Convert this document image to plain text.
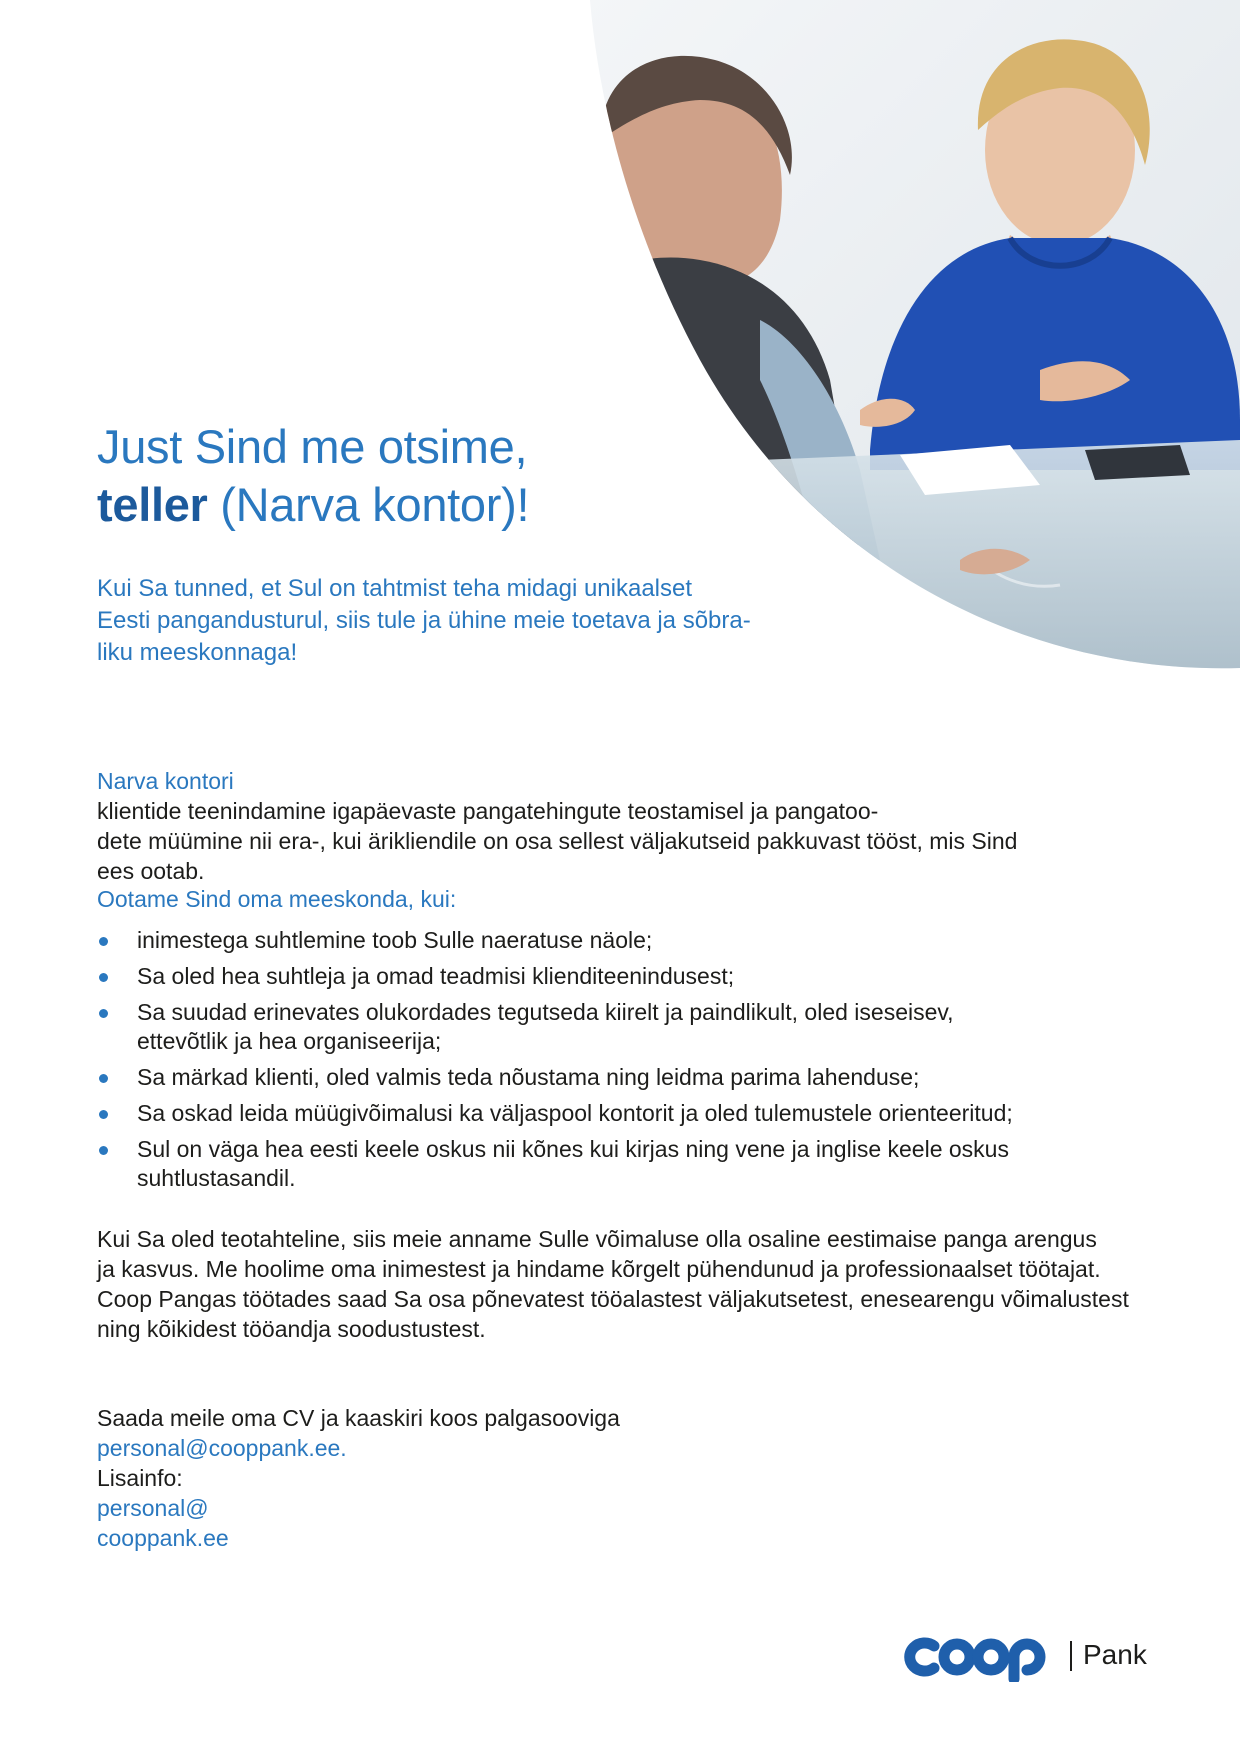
Just Sind me otsime,
teller (Narva kontor)!
Kui Sa tunned, et Sul on tahtmist teha midagi unikaalset
Eesti pangandusturul, siis tule ja ühine meie toetava ja sõbra-
liku meeskonnaga!
Narva kontori
klientide teenindamine igapäevaste pangatehingute teostamisel ja pangatoo-
dete müümine nii era-, kui ärikliendile on osa sellest väljakutseid pakkuvast tööst, mis Sind
ees ootab.
Ootame Sind oma meeskonda, kui:
inimestega suhtlemine toob Sulle naeratuse näole;
Sa oled hea suhtleja ja omad teadmisi klienditeenindusest;
Sa suudad erinevates olukordades tegutseda kiirelt ja paindlikult, oled iseseisev,
ettevõtlik ja hea organiseerija;
Sa märkad klienti, oled valmis teda nõustama ning leidma parima lahenduse;
Sa oskad leida müügivõimalusi ka väljaspool kontorit ja oled tulemustele orienteeritud;
Sul on väga hea eesti keele oskus nii kõnes kui kirjas ning vene ja inglise keele oskus
suhtlustasandil.
Kui Sa oled teotahteline, siis meie anname Sulle võimaluse olla osaline eestimaise panga arengus
ja kasvus. Me hoolime oma inimestest ja hindame kõrgelt pühendunud ja professionaalset töötajat.
Coop Pangas töötades saad Sa osa põnevatest tööalastest väljakutsetest, enesearengu võimalustest
ning kõikidest tööandja soodustustest.
Saada meile oma CV ja kaaskiri koos palgasooviga
personal@cooppank.ee.
Lisainfo:
personal@
cooppank.ee
Pank
